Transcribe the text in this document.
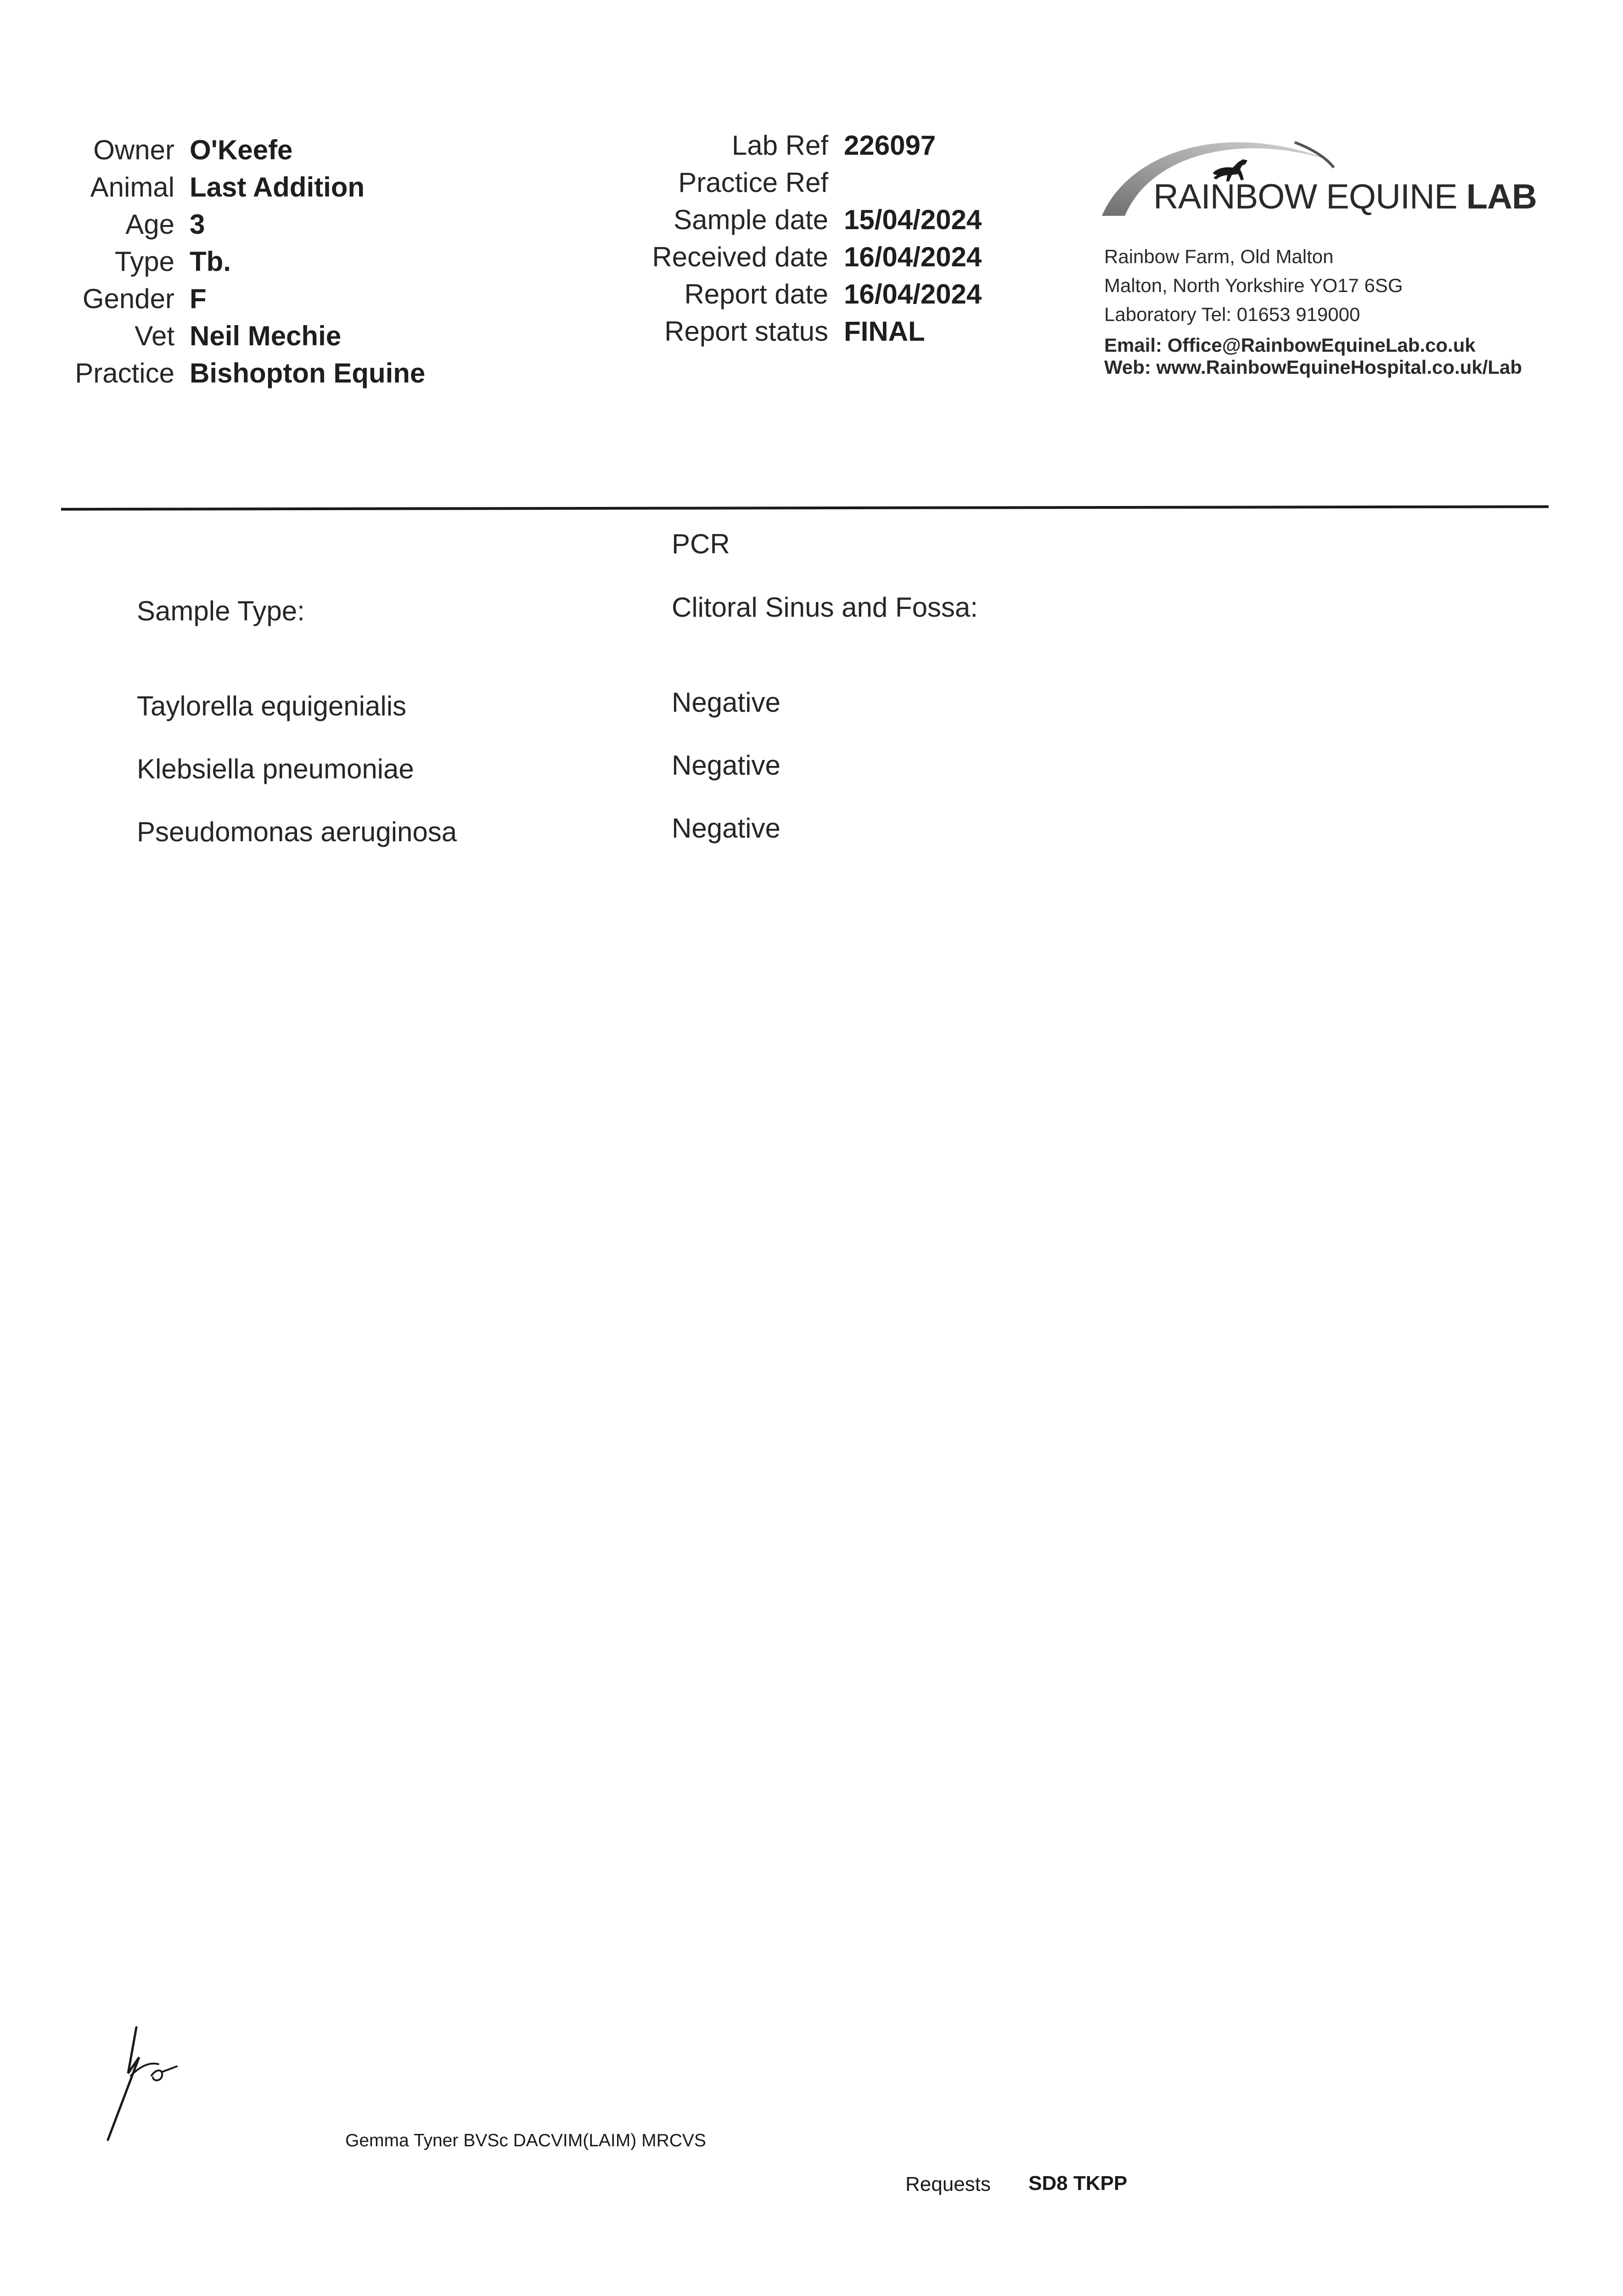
Owner O'Keefe
Animal Last Addition
Age 3
Type Tb.
Gender F
Vet Neil Mechie
Practice Bishopton Equine
Lab Ref 226097
Practice Ref
Sample date 15/04/2024
Received date 16/04/2024
Report date 16/04/2024
Report status FINAL
RAINBOW EQUINE LAB
Rainbow Farm, Old Malton
Malton, North Yorkshire YO17 6SG
Laboratory Tel: 01653 919000
Email: Office@RainbowEquineLab.co.uk
Web: www.RainbowEquineHospital.co.uk/Lab
PCR
Sample Type:	Clitoral Sinus and Fossa:
Taylorella equigenialis	Negative
Klebsiella pneumoniae	Negative
Pseudomonas aeruginosa	Negative
Gemma Tyner BVSc DACVIM(LAIM) MRCVS
Requests SD8 TKPP
